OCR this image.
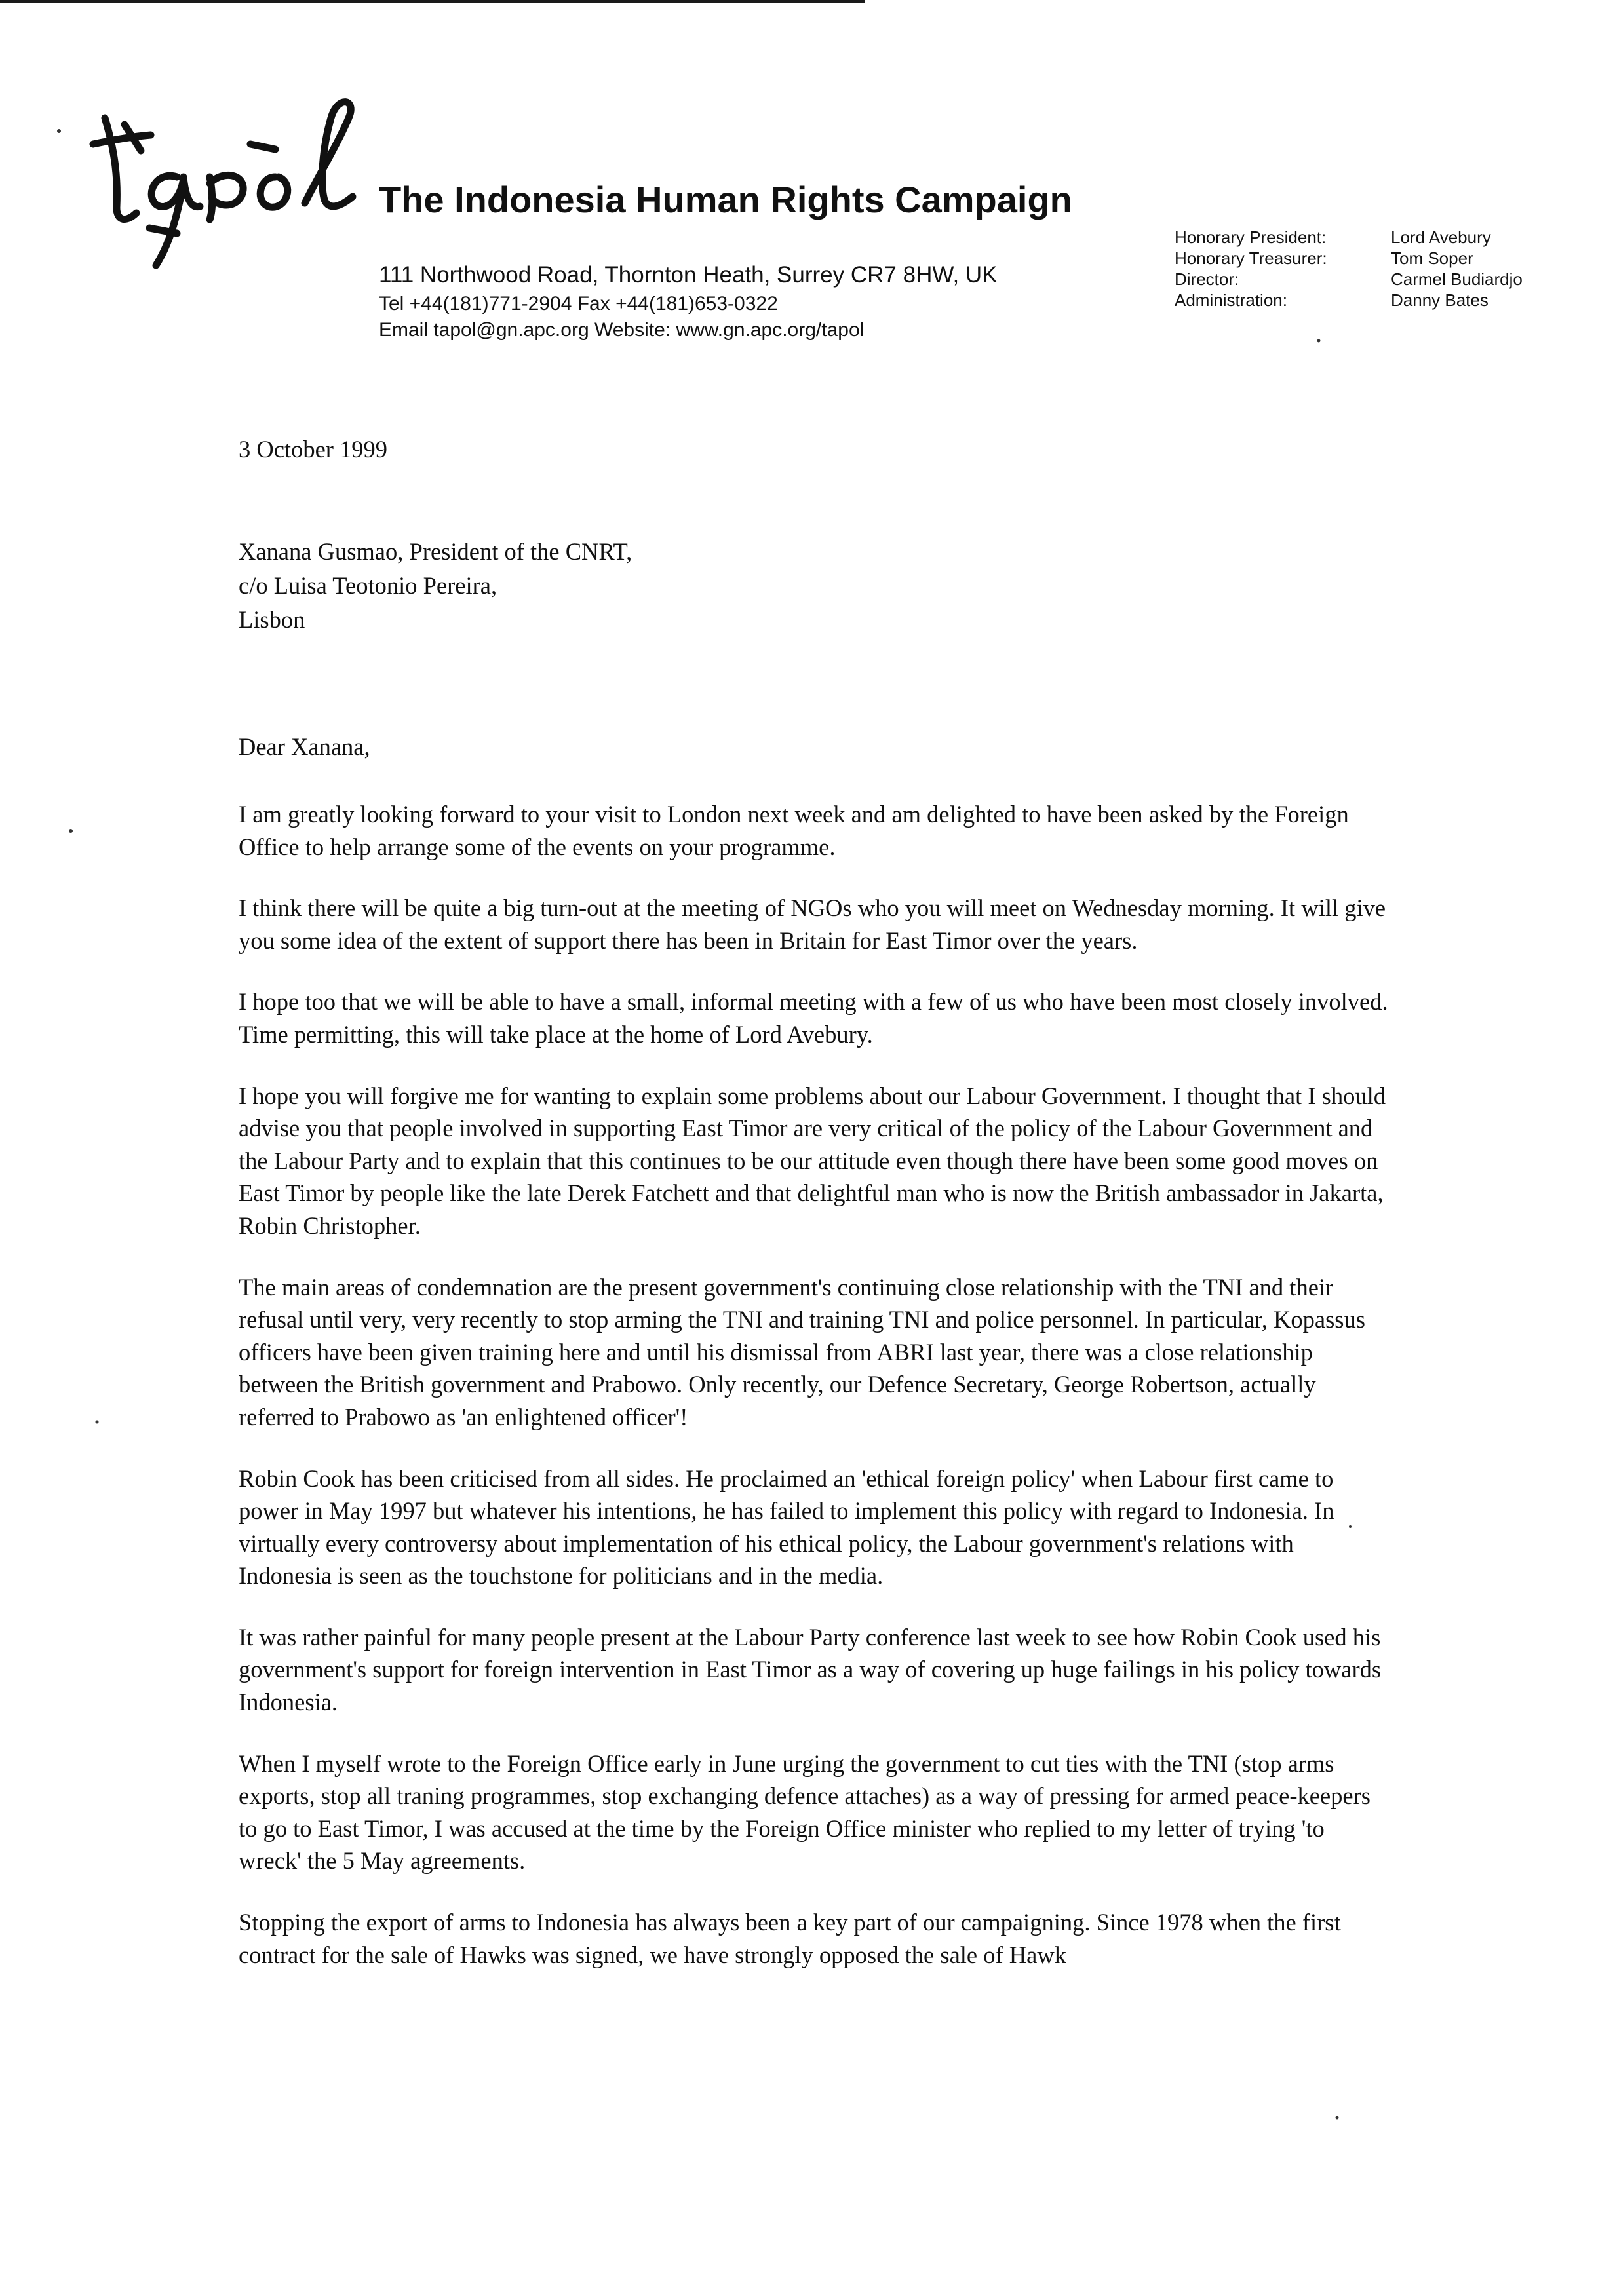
The Indonesia Human Rights Campaign
111 Northwood Road, Thornton Heath, Surrey CR7 8HW, UK
Tel +44(181)771-2904 Fax +44(181)653-0322
Email tapol@gn.apc.org Website: www.gn.apc.org/tapol
Honorary President:
Honorary Treasurer:
Director:
Administration:
Lord Avebury
Tom Soper
Carmel Budiardjo
Danny Bates
3 October 1999
Xanana Gusmao, President of the CNRT,
c/o Luisa Teotonio Pereira,
Lisbon
Dear Xanana,

I am greatly looking forward to your visit to London next week and am delighted to have been asked by the Foreign Office to help arrange some of the events on your programme.

I think there will be quite a big turn-out at the meeting of NGOs who you will meet on Wednesday morning. It will give you some idea of the extent of support there has been in Britain for East Timor over the years.

I hope too that we will be able to have a small, informal meeting with a few of us who have been most closely involved. Time permitting, this will take place at the home of Lord Avebury.

I hope you will forgive me for wanting to explain some problems about our Labour Government. I thought that I should advise you that people involved in supporting East Timor are very critical of the policy of the Labour Government and the Labour Party and to explain that this continues to be our attitude even though there have been some good moves on East Timor by people like the late Derek Fatchett and that delightful man who is now the British ambassador in Jakarta, Robin Christopher.

The main areas of condemnation are the present government's continuing close relationship with the TNI and their refusal until very, very recently to stop arming the TNI and training TNI and police personnel. In particular, Kopassus officers have been given training here and until his dismissal from ABRI last year, there was a close relationship between the British government and Prabowo. Only recently, our Defence Secretary, George Robertson, actually referred to Prabowo as 'an enlightened officer'!

Robin Cook has been criticised from all sides. He proclaimed an 'ethical foreign policy' when Labour first came to power in May 1997 but whatever his intentions, he has failed to implement this policy with regard to Indonesia. In virtually every controversy about implementation of his ethical policy, the Labour government's relations with Indonesia is seen as the touchstone for politicians and in the media.

It was rather painful for many people present at the Labour Party conference last week to see how Robin Cook used his government's support for foreign intervention in East Timor as a way of covering up huge failings in his policy towards Indonesia.

When I myself wrote to the Foreign Office early in June urging the government to cut ties with the TNI (stop arms exports, stop all traning programmes, stop exchanging defence attaches) as a way of pressing for armed peace-keepers to go to East Timor, I was accused at the time by the Foreign Office minister who replied to my letter of trying 'to wreck' the 5 May agreements.

Stopping the export of arms to Indonesia has always been a key part of our campaigning. Since 1978 when the first contract for the sale of Hawks was signed, we have strongly opposed the sale of Hawk
